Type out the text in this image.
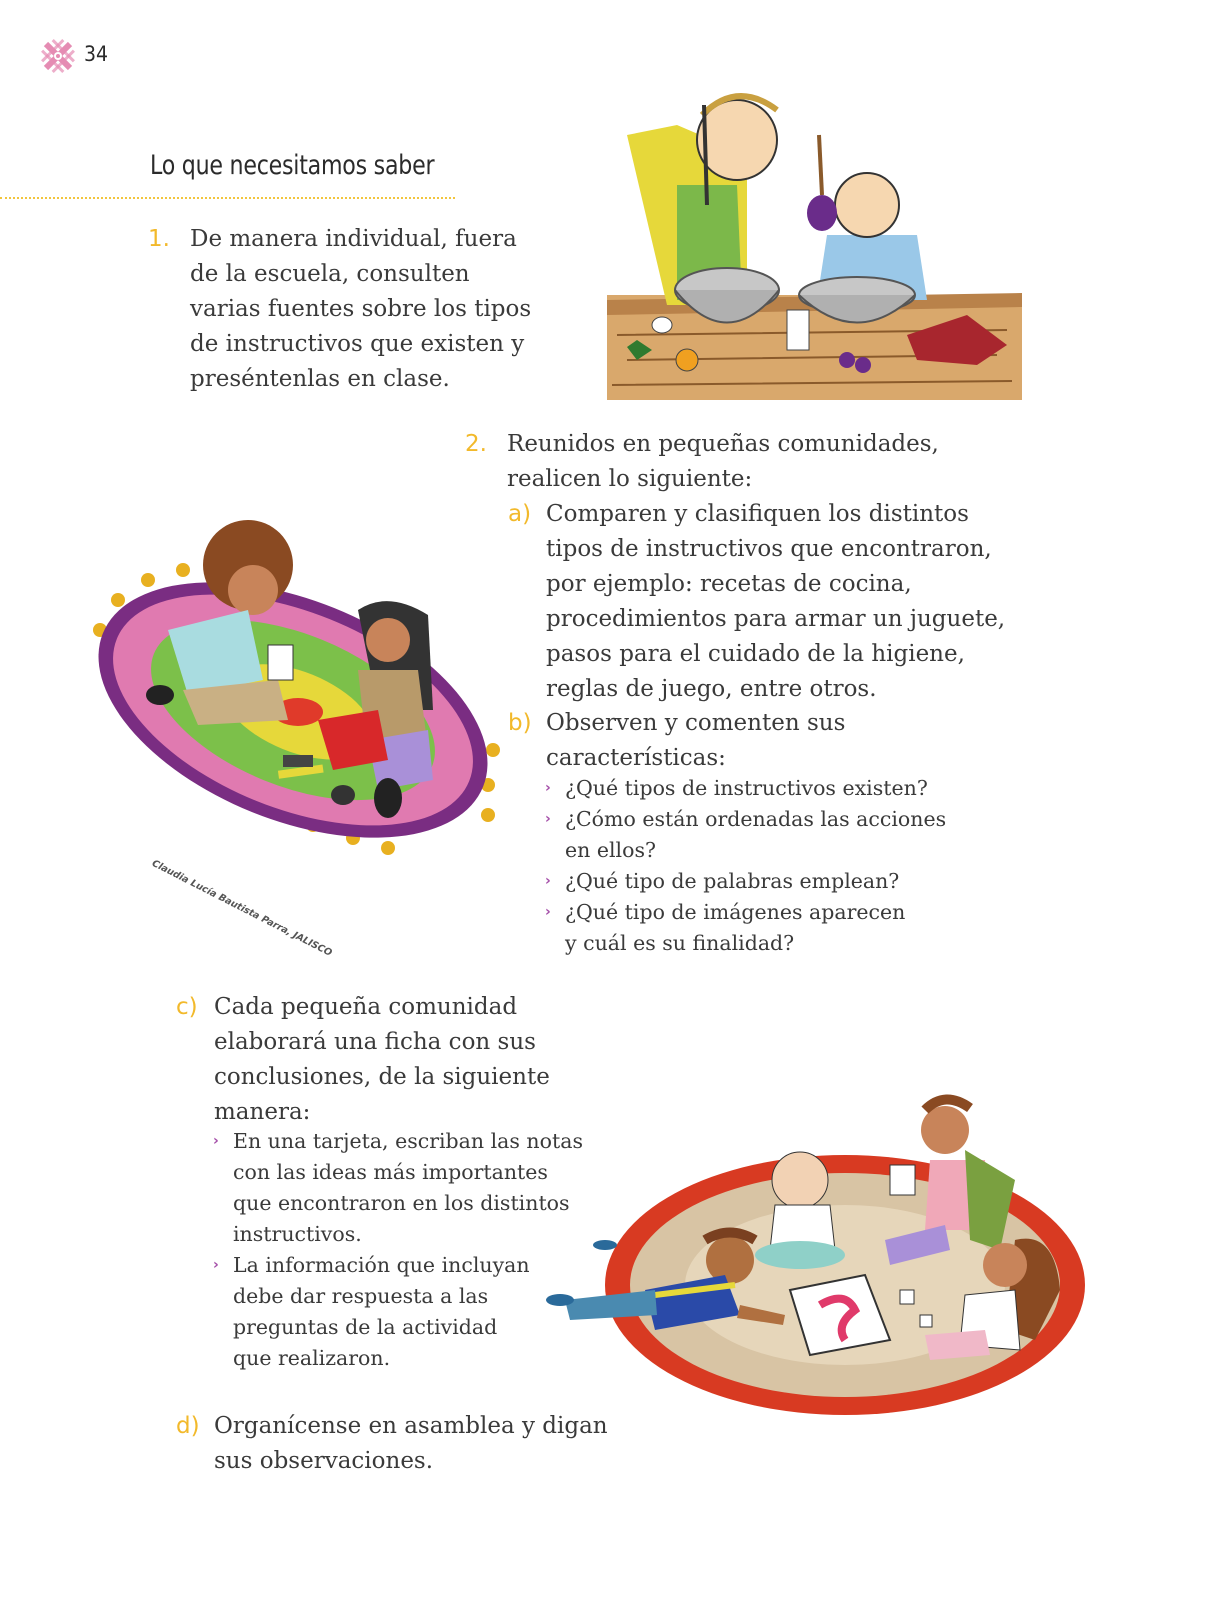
34
Lo que necesitamos saber
1. De manera individual, fuera
de la escuela, consulten
varias fuentes sobre los tipos
de instructivos que existen y
preséntenlas en clase.
2. Reunidos en pequeñas comunidades,
realicen lo siguiente:
a) Comparen y clasifiquen los distintos
tipos de instructivos que encontraron,
por ejemplo: recetas de cocina,
procedimientos para armar un juguete,
pasos para el cuidado de la higiene,
reglas de juego, entre otros.
b) Observen y comenten sus
características:
› ¿Qué tipos de instructivos existen?
› ¿Cómo están ordenadas las acciones
en ellos?
› ¿Qué tipo de palabras emplean?
› ¿Qué tipo de imágenes aparecen
y cuál es su finalidad?
Claudia Lucía Bautista Parra, JALISCO
c) Cada pequeña comunidad
elaborará una ficha con sus
conclusiones, de la siguiente
manera:
› En una tarjeta, escriban las notas
con las ideas más importantes
que encontraron en los distintos
instructivos.
› La información que incluyan
debe dar respuesta a las
preguntas de la actividad
que realizaron.
d) Organícense en asamblea y digan
sus observaciones.
